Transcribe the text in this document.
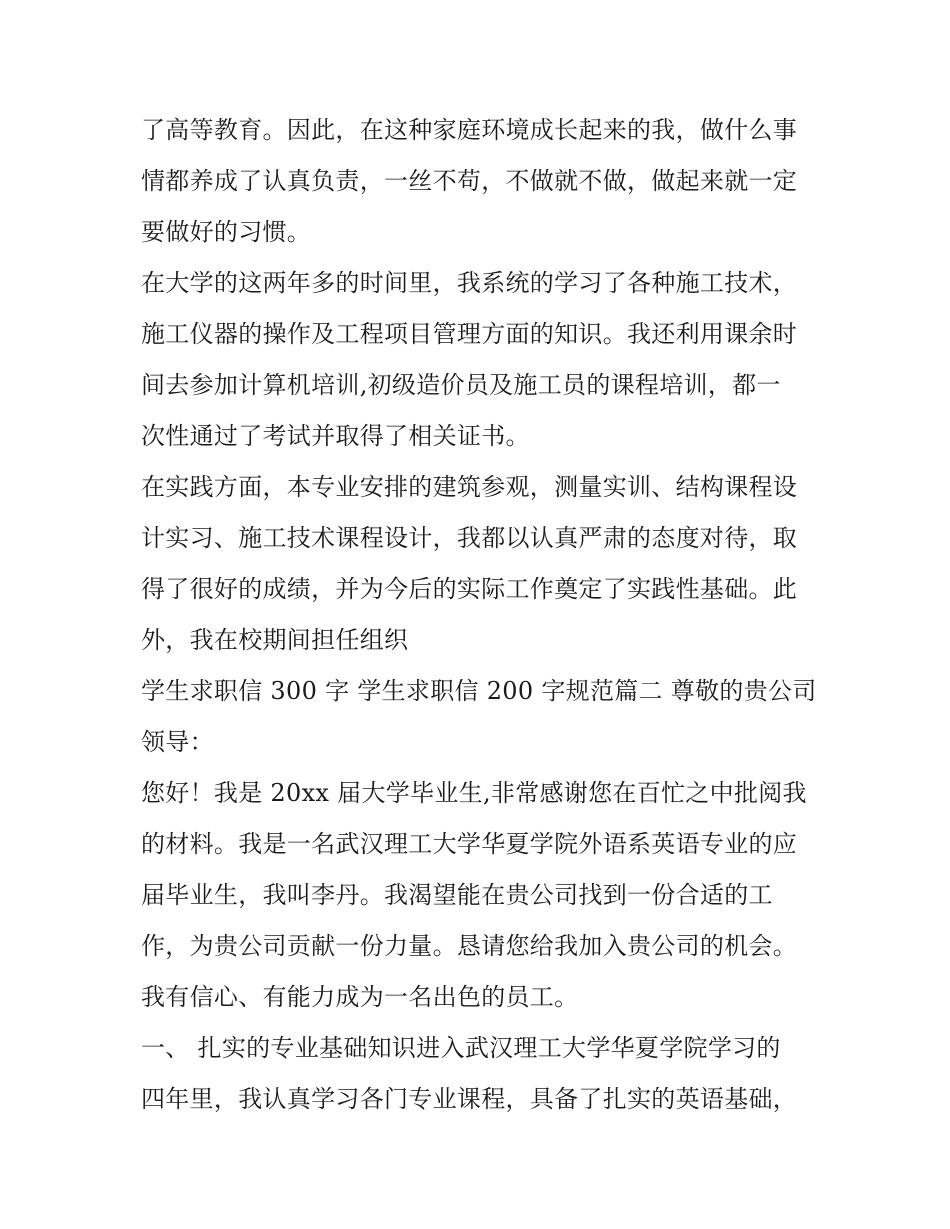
了高等教育。因此，在这种家庭环境成长起来的我，做什么事
情都养成了认真负责，一丝不苟，不做就不做，做起来就一定
要做好的习惯。
在大学的这两年多的时间里，我系统的学习了各种施工技术，
施工仪器的操作及工程项目管理方面的知识。我还利用课余时
间去参加计算机培训,初级造价员及施工员的课程培训，都一
次性通过了考试并取得了相关证书。
在实践方面，本专业安排的建筑参观，测量实训、结构课程设
计实习、施工技术课程设计，我都以认真严肃的态度对待，取
得了很好的成绩，并为今后的实际工作奠定了实践性基础。此
外，我在校期间担任组织
学生求职信 300 字 学生求职信 200 字规范篇二 尊敬的贵公司
领导：
您好！我是 20xx 届大学毕业生,非常感谢您在百忙之中批阅我
的材料。我是一名武汉理工大学华夏学院外语系英语专业的应
届毕业生，我叫李丹。我渴望能在贵公司找到一份合适的工
作，为贵公司贡献一份力量。恳请您给我加入贵公司的机会。
我有信心、有能力成为一名出色的员工。
一、 扎实的专业基础知识进入武汉理工大学华夏学院学习的
四年里，我认真学习各门专业课程，具备了扎实的英语基础，
